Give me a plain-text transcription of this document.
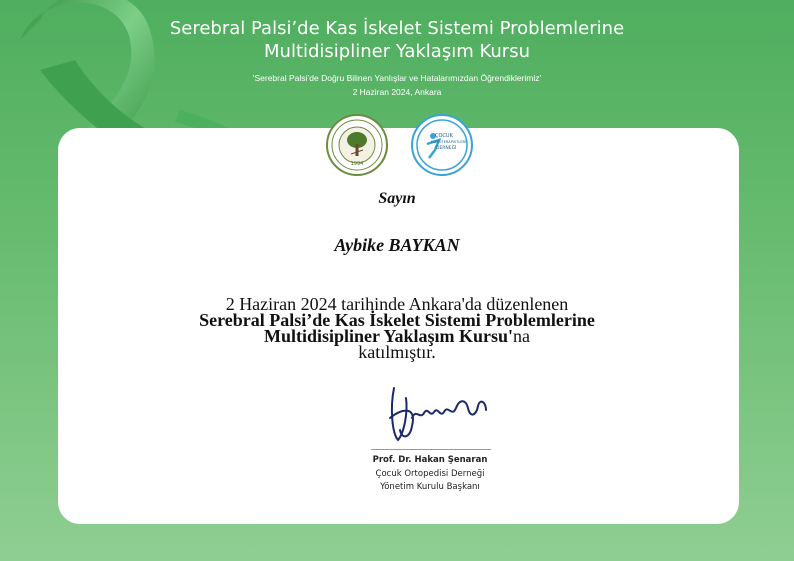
Serebral Palsi’de Kas İskelet Sistemi Problemlerine
Multidisipliner Yaklaşım Kursu
'Serebral Palsi’de Doğru Bilinen Yanlışlar ve Hatalarımızdan Öğrendiklerimiz'
2 Haziran 2024, Ankara
1994
ÇOCUK
FİZYOTERAPİSTLERİ
DERNEĞİ
Sayın
Aybike BAYKAN
2 Haziran 2024 tarihinde Ankara'da düzenlenen
Serebral Palsi’de Kas İskelet Sistemi Problemlerine
Multidisipliner Yaklaşım Kursu'na
katılmıştır.
Prof. Dr. Hakan Şenaran
Çocuk Ortopedisi Derneği
Yönetim Kurulu Başkanı
